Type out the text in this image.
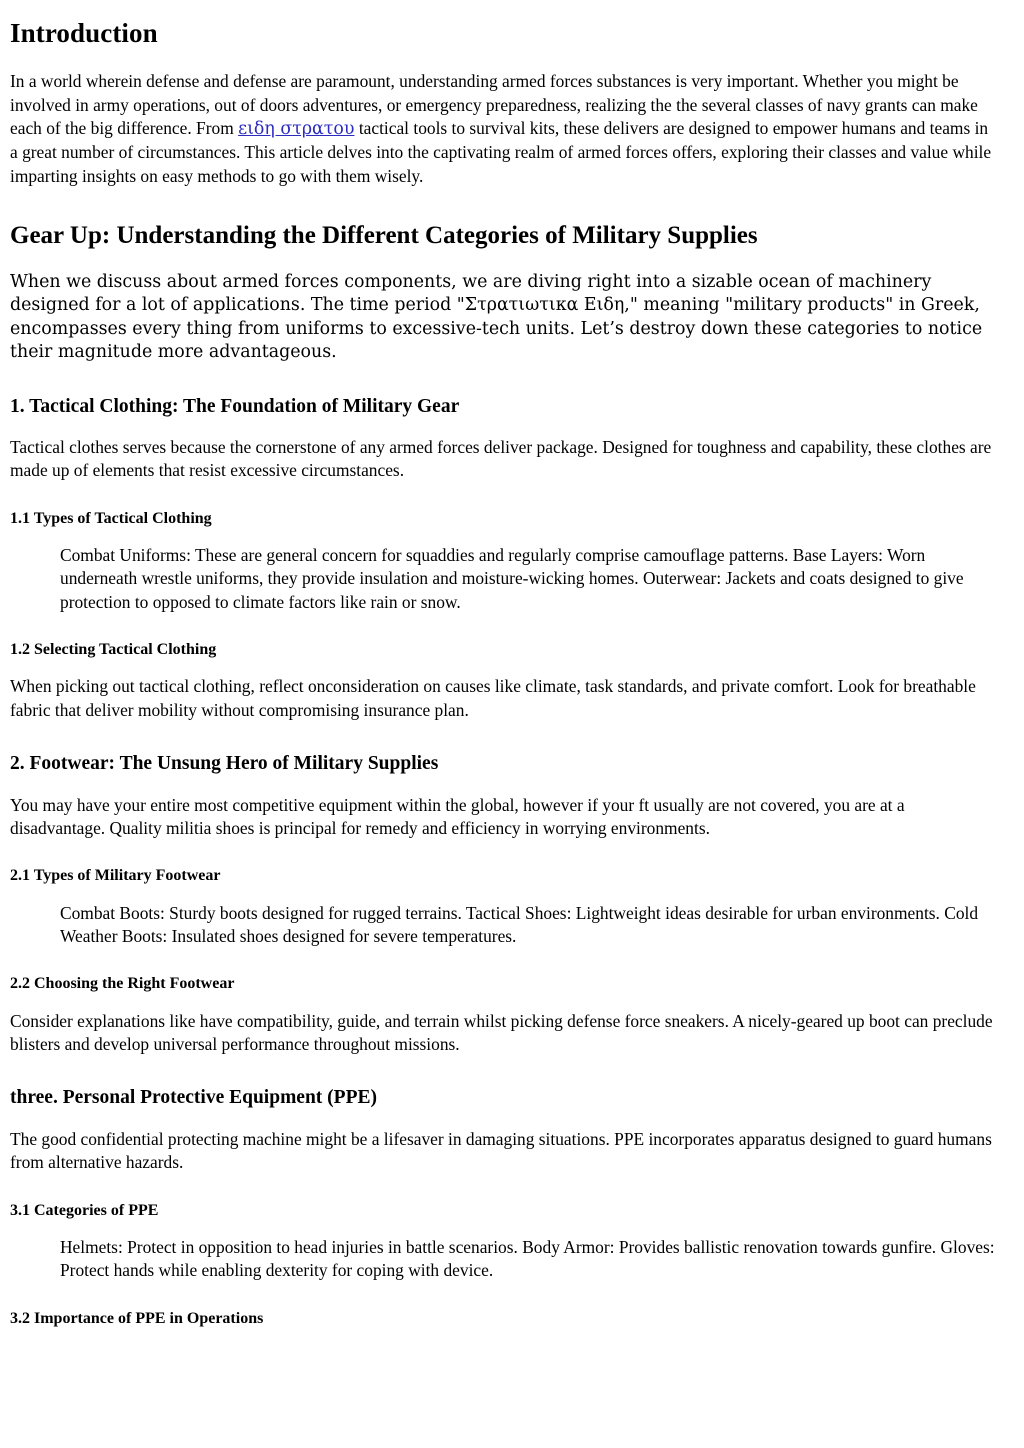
Introduction

In a world wherein defense and defense are paramount, understanding armed forces substances is very important. Whether you might be involved in army operations, out of doors adventures, or emergency preparedness, realizing the the several classes of navy grants can make each of the big difference. From ειδη στρατου tactical tools to survival kits, these delivers are designed to empower humans and teams in a great number of circumstances. This article delves into the captivating realm of armed forces offers, exploring their classes and value while imparting insights on easy methods to go with them wisely.

Gear Up: Understanding the Different Categories of Military Supplies

When we discuss about armed forces components, we are diving right into a sizable ocean of machinery designed for a lot of applications. The time period "Στρατιωτικα Ειδη," meaning "military products" in Greek, encompasses every thing from uniforms to excessive-tech units. Let’s destroy down these categories to notice their magnitude more advantageous.

1. Tactical Clothing: The Foundation of Military Gear

Tactical clothes serves because the cornerstone of any armed forces deliver package. Designed for toughness and capability, these clothes are made up of elements that resist excessive circumstances.

1.1 Types of Tactical Clothing

Combat Uniforms: These are general concern for squaddies and regularly comprise camouflage patterns. Base Layers: Worn underneath wrestle uniforms, they provide insulation and moisture-wicking homes. Outerwear: Jackets and coats designed to give protection to opposed to climate factors like rain or snow.

1.2 Selecting Tactical Clothing

When picking out tactical clothing, reflect onconsideration on causes like climate, task standards, and private comfort. Look for breathable fabric that deliver mobility without compromising insurance plan.

2. Footwear: The Unsung Hero of Military Supplies

You may have your entire most competitive equipment within the global, however if your ft usually are not covered, you are at a disadvantage. Quality militia shoes is principal for remedy and efficiency in worrying environments.

2.1 Types of Military Footwear

Combat Boots: Sturdy boots designed for rugged terrains. Tactical Shoes: Lightweight ideas desirable for urban environments. Cold Weather Boots: Insulated shoes designed for severe temperatures.

2.2 Choosing the Right Footwear

Consider explanations like have compatibility, guide, and terrain whilst picking defense force sneakers. A nicely-geared up boot can preclude blisters and develop universal performance throughout missions.

three. Personal Protective Equipment (PPE)

The good confidential protecting machine might be a lifesaver in damaging situations. PPE incorporates apparatus designed to guard humans from alternative hazards.

3.1 Categories of PPE

Helmets: Protect in opposition to head injuries in battle scenarios. Body Armor: Provides ballistic renovation towards gunfire. Gloves: Protect hands while enabling dexterity for coping with device.

3.2 Importance of PPE in Operations
